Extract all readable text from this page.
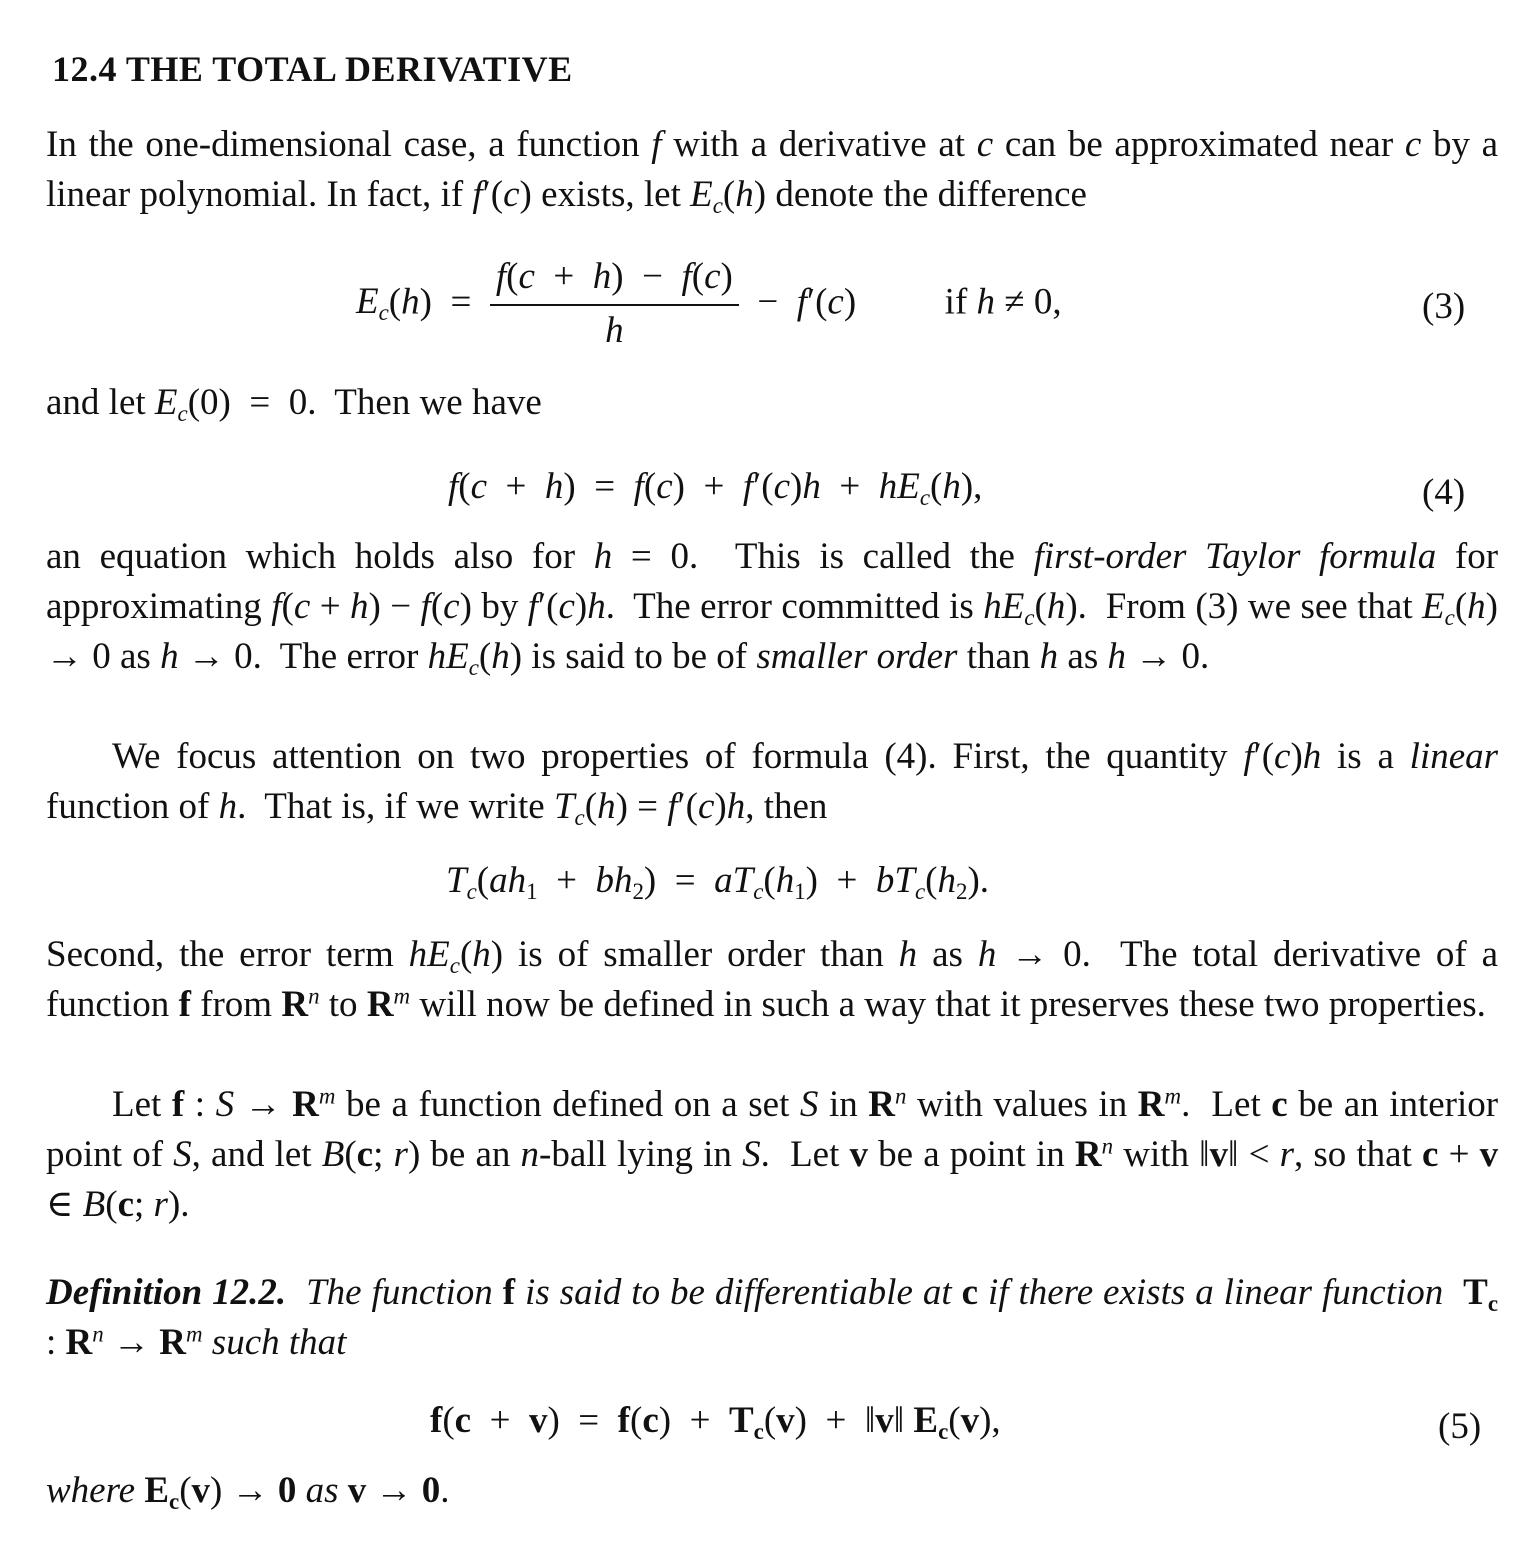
12.4 THE TOTAL DERIVATIVE
In the one-dimensional case, a function f with a derivative at c can be approximated near c by a linear polynomial. In fact, if f′(c) exists, let $E_c(h)$ denote the difference
$E_c(h) = \frac{f(c + h) - f(c)}{h} - f'(c)$  if h ≠ 0,	(3)
and let $E_c(0) = 0$.  Then we have
$f(c + h) = f(c) + f'(c)h + hE_c(h)$,	(4)
an equation which holds also for h = 0.  This is called the first-order Taylor formula for approximating f(c + h) − f(c) by f′(c)h.  The error committed is $hE_c(h)$.  From (3) we see that $E_c(h) \to 0$ as h → 0.  The error $hE_c(h)$ is said to be of smaller order than h as h → 0.
We focus attention on two properties of formula (4). First, the quantity f′(c)h is a linear function of h.  That is, if we write $T_c(h) = f'(c)h$, then
$T_c(ah_1 + bh_2) = aT_c(h_1) + bT_c(h_2)$.
Second, the error term $hE_c(h)$ is of smaller order than h as h → 0.  The total derivative of a function f from $R^n$ to $R^m$ will now be defined in such a way that it preserves these two properties.
Let f : $S \to R^m$ be a function defined on a set S in $R^n$ with values in $R^m$.  Let c be an interior point of S, and let B(c; r) be an n-ball lying in S.  Let v be a point in $R^n$ with ‖v‖ < r, so that c + v ∈ B(c; r).
Definition 12.2. The function f is said to be differentiable at c if there exists a linear function $T_c$ : $R^n \to R^m$ such that
$f(c + v) = f(c) + T_c(v)$  +  ‖v‖ $E_c(v)$,	(5)
where $E_c(v) \to 0$ as v → 0.
